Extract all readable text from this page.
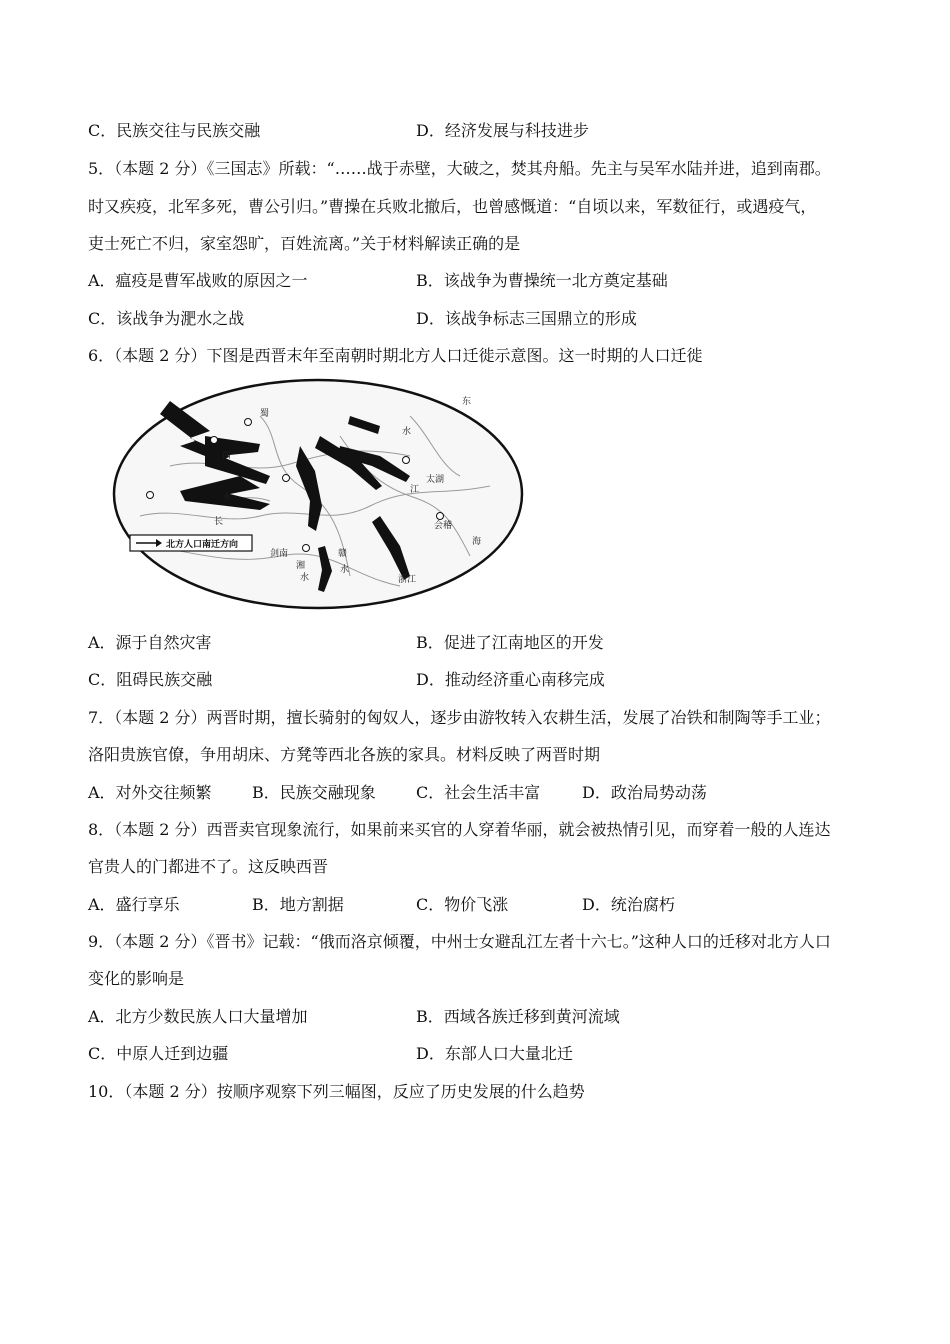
C．民族交往与民族交融	D．经济发展与科技进步
5．（本题 2 分）《三国志》所载：“……战于赤壁，大破之，焚其舟船。先主与吴军水陆并进，追到南郡。
时又疾疫，北军多死，曹公引归。”曹操在兵败北撤后，也曾感慨道：“自顷以来，军数征行，或遇疫气，
吏士死亡不归，家室怨旷，百姓流离。”关于材料解读正确的是
A．瘟疫是曹军战败的原因之一	B．该战争为曹操统一北方奠定基础
C．该战争为淝水之战	D．该战争标志三国鼎立的形成
6．（本题 2 分）下图是西晋末年至南朝时期北方人口迁徙示意图。这一时期的人口迁徙
北方人口南迁方向
东
水
江
长
水
西
太湖
会稽
剑南
湘
赣
水
水
浙江
海
蜀
A．源于自然灾害	B．促进了江南地区的开发
C．阻碍民族交融	D．推动经济重心南移完成
7．（本题 2 分）两晋时期，擅长骑射的匈奴人，逐步由游牧转入农耕生活，发展了冶铁和制陶等手工业；
洛阳贵族官僚，争用胡床、方凳等西北各族的家具。材料反映了两晋时期
A．对外交往频繁	B．民族交融现象	C．社会生活丰富	D．政治局势动荡
8．（本题 2 分）西晋卖官现象流行，如果前来买官的人穿着华丽，就会被热情引见，而穿着一般的人连达
官贵人的门都进不了。这反映西晋
A．盛行享乐	B．地方割据	C．物价飞涨	D．统治腐朽
9．（本题 2 分）《晋书》记载：“俄而洛京倾覆，中州士女避乱江左者十六七。”这种人口的迁移对北方人口
变化的影响是
A．北方少数民族人口大量增加	B．西域各族迁移到黄河流域
C．中原人迁到边疆	D．东部人口大量北迁
10．（本题 2 分）按顺序观察下列三幅图，反应了历史发展的什么趋势
